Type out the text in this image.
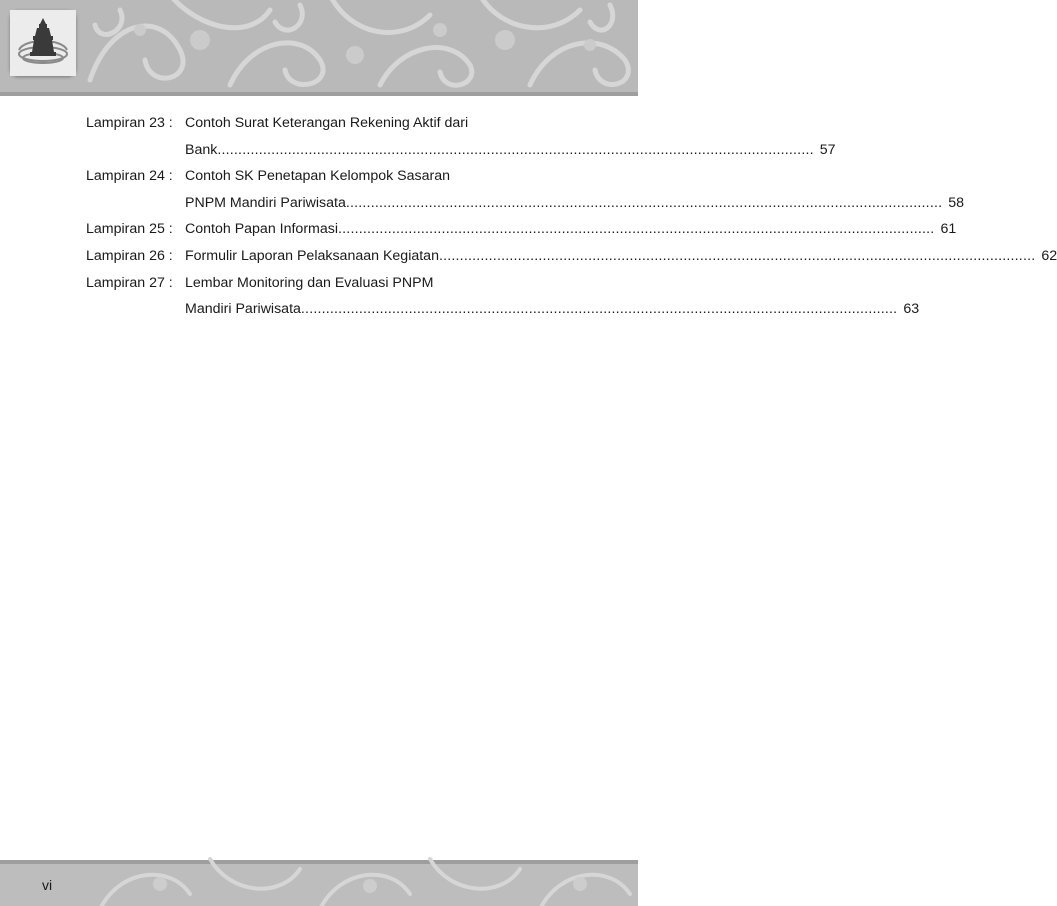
Lampiran 23 : Contoh Surat Keterangan Rekening Aktif dari
Bank ................................................................................................................................................ 57
Lampiran 24 : Contoh SK Penetapan Kelompok Sasaran
PNPM Mandiri Pariwisata ................................................................................................................................................ 58
Lampiran 25 : Contoh Papan Informasi ................................................................................................................................................ 61
Lampiran 26 : Formulir Laporan Pelaksanaan Kegiatan ................................................................................................................................................ 62
Lampiran 27 : Lembar Monitoring dan Evaluasi PNPM
Mandiri Pariwisata ................................................................................................................................................ 63
vi
